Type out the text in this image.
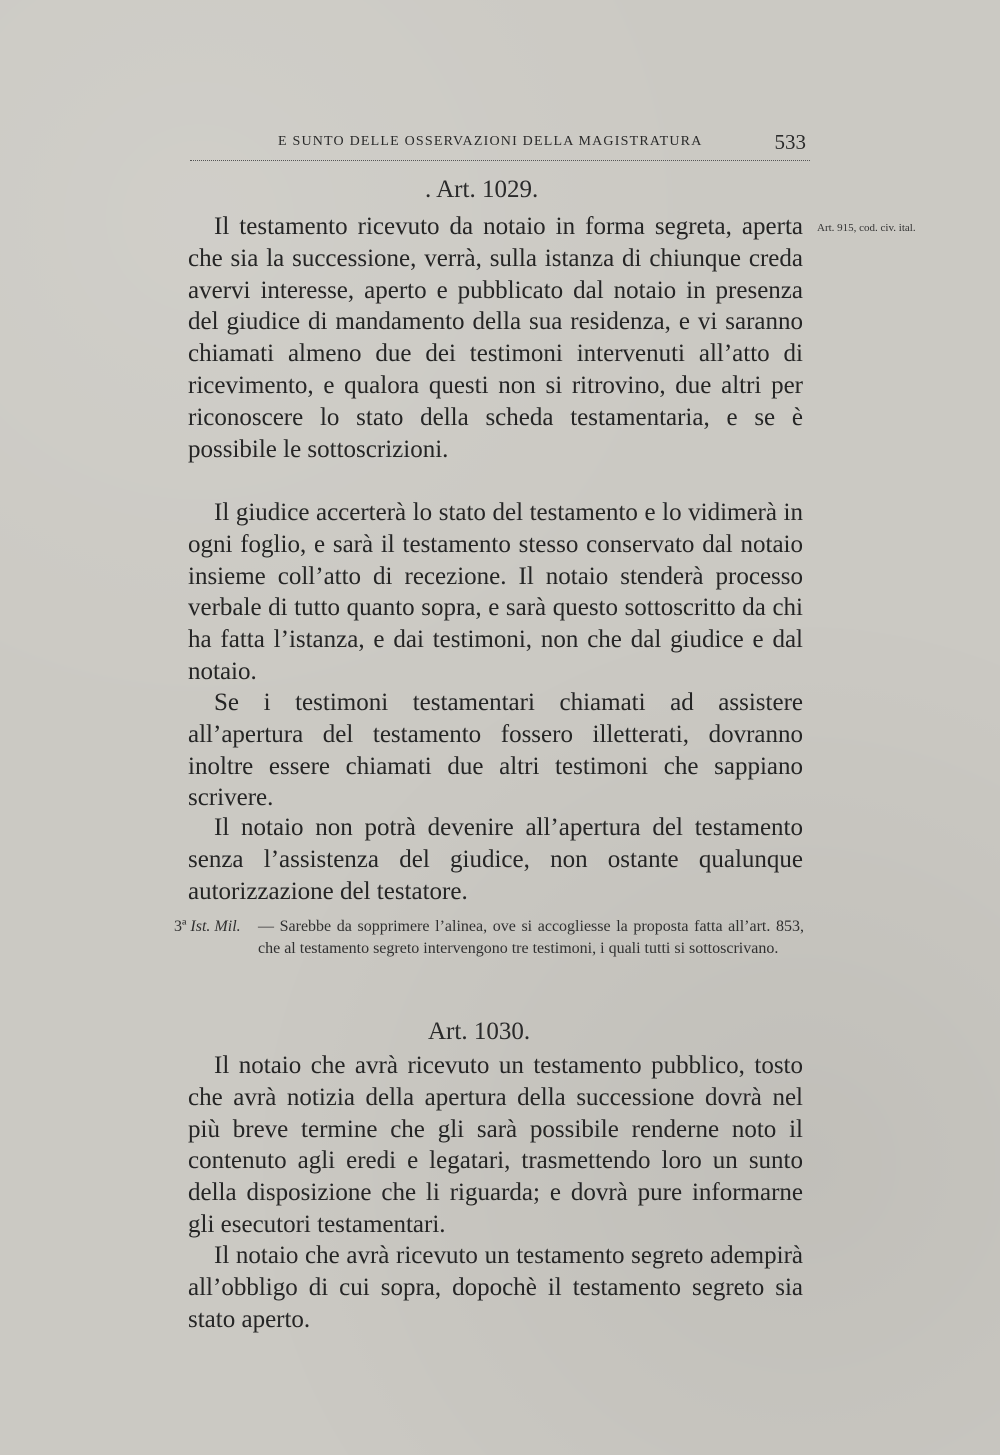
E SUNTO DELLE OSSERVAZIONI DELLA MAGISTRATURA	533
. Art. 1029.

Il testamento ricevuto da notaio in forma segreta, aperta che sia la successione, verrà, sulla istanza di chiunque creda avervi interesse, aperto e pubblicato dal notaio in presenza del giudice di mandamento della sua residenza, e vi saranno chiamati almeno due dei testimoni intervenuti all’atto di ricevimento, e qualora questi non si ritrovino, due altri per riconoscere lo stato della scheda testamentaria, e se è possibile le sottoscrizioni.

Art. 915, cod. civ. ital.

Il giudice accerterà lo stato del testamento e lo vidimerà in ogni foglio, e sarà il testamento stesso conservato dal notaio insieme coll’atto di recezione. Il notaio stenderà processo verbale di tutto quanto sopra, e sarà questo sottoscritto da chi ha fatta l’istanza, e dai testimoni, non che dal giudice e dal notaio.

Se i testimoni testamentari chiamati ad assistere all’apertura del testamento fossero illetterati, dovranno inoltre essere chiamati due altri testimoni che sappiano scrivere.

Il notaio non potrà devenire all’apertura del testamento senza l’assistenza del giudice, non ostante qualunque autorizzazione del testatore.

3ª Ist. Mil. — Sarebbe da sopprimere l’alinea, ove si accogliesse la proposta fatta all’art. 853, che al testamento segreto intervengono tre testimoni, i quali tutti si sottoscrivano.
Art. 1030.

Il notaio che avrà ricevuto un testamento pubblico, tosto che avrà notizia della apertura della successione dovrà nel più breve termine che gli sarà possibile renderne noto il contenuto agli eredi e legatari, trasmettendo loro un sunto della disposizione che li riguarda; e dovrà pure informarne gli esecutori testamentari.

Il notaio che avrà ricevuto un testamento segreto adempirà all’obbligo di cui sopra, dopochè il testamento segreto sia stato aperto.
